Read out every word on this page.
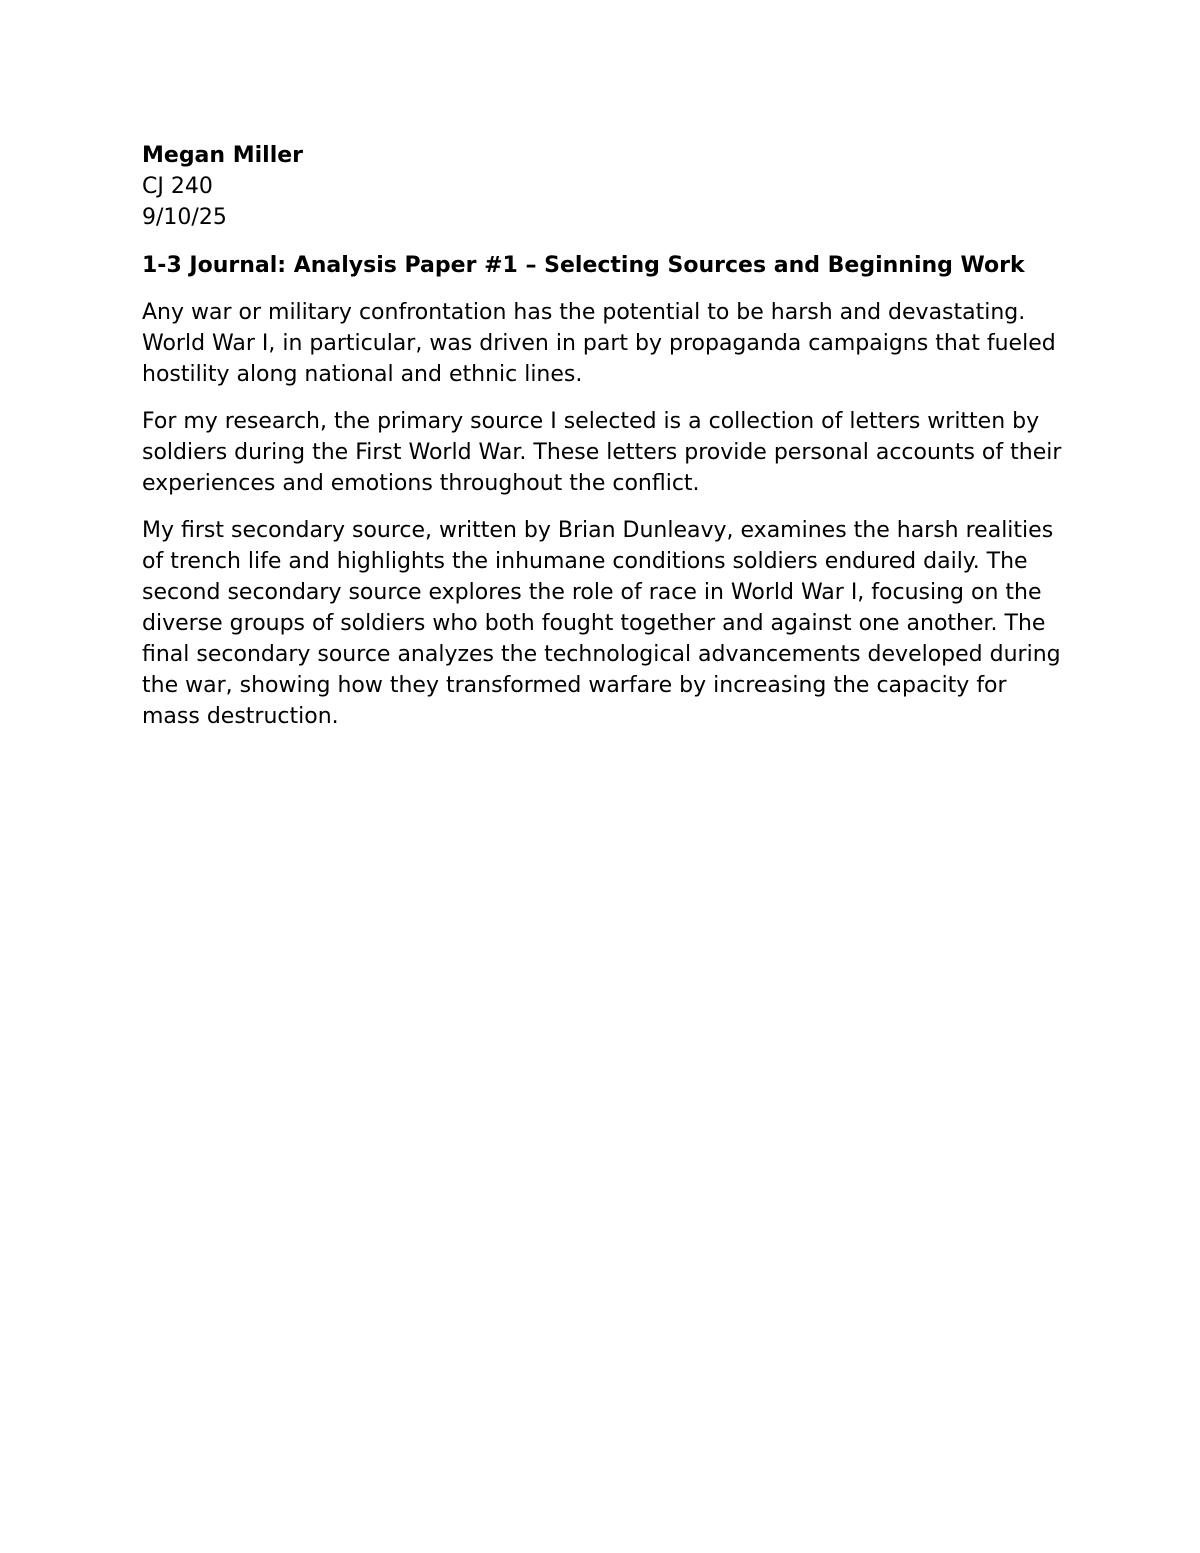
Megan Miller
CJ 240
9/10/25

1-3 Journal: Analysis Paper #1 – Selecting Sources and Beginning Work

Any war or military confrontation has the potential to be harsh and devastating. World War I, in particular, was driven in part by propaganda campaigns that fueled hostility along national and ethnic lines.

For my research, the primary source I selected is a collection of letters written by soldiers during the First World War. These letters provide personal accounts of their experiences and emotions throughout the conflict.

My first secondary source, written by Brian Dunleavy, examines the harsh realities of trench life and highlights the inhumane conditions soldiers endured daily. The second secondary source explores the role of race in World War I, focusing on the diverse groups of soldiers who both fought together and against one another. The final secondary source analyzes the technological advancements developed during the war, showing how they transformed warfare by increasing the capacity for mass destruction.
